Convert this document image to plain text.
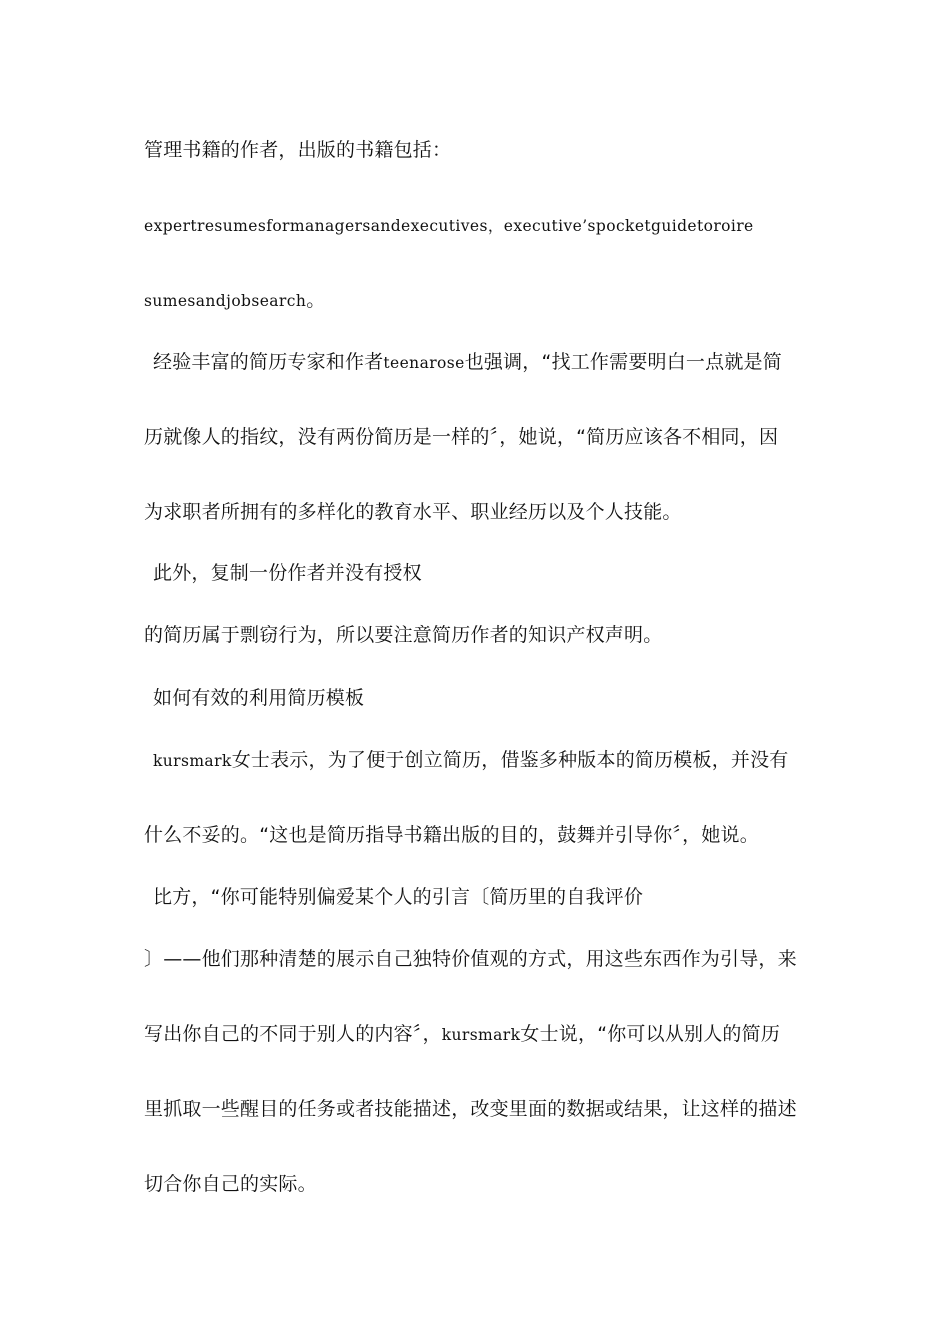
管理书籍的作者，出版的书籍包括：
expertresumesformanagersandexecutives，executive’spocketguidetoroire
sumesandjobsearch。
经验丰富的简历专家和作者teenarose也强调，“找工作需要明白一点就是简
历就像人的指纹，没有两份简历是一样的〞，她说，“简历应该各不相同，因
为求职者所拥有的多样化的教育水平、职业经历以及个人技能。
此外，复制一份作者并没有授权
的简历属于剽窃行为，所以要注意简历作者的知识产权声明。
如何有效的利用简历模板
kursmark女士表示，为了便于创立简历，借鉴多种版本的简历模板，并没有
什么不妥的。“这也是简历指导书籍出版的目的，鼓舞并引导你〞，她说。
比方，“你可能特别偏爱某个人的引言〔简历里的自我评价
〕——他们那种清楚的展示自己独特价值观的方式，用这些东西作为引导，来
写出你自己的不同于别人的内容〞，kursmark女士说，“你可以从别人的简历
里抓取一些醒目的任务或者技能描述，改变里面的数据或结果，让这样的描述
切合你自己的实际。
